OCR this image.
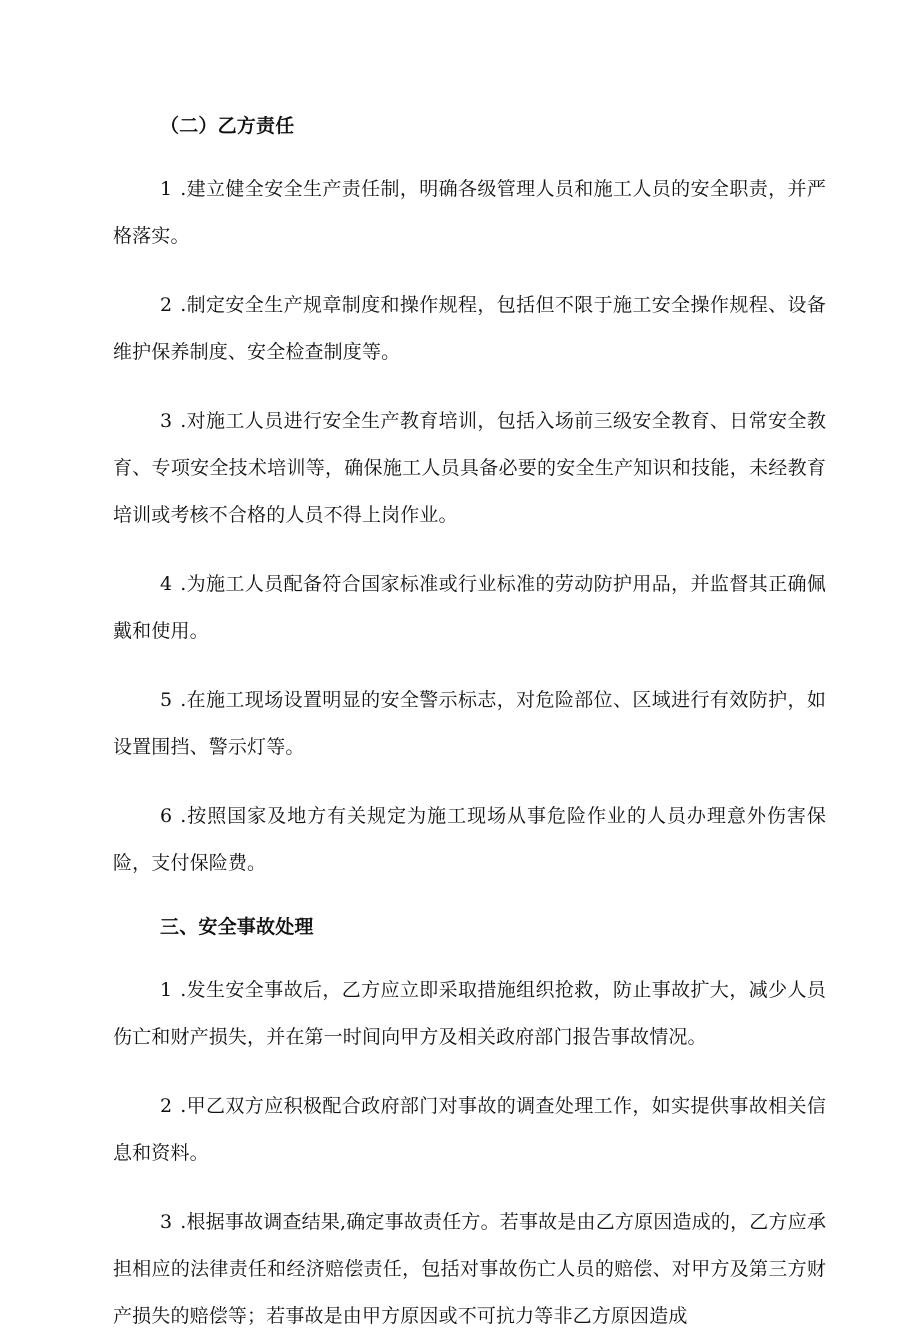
（二）乙方责任

1 .建立健全安全生产责任制，明确各级管理人员和施工人员的安全职责，并严格落实。

2 .制定安全生产规章制度和操作规程，包括但不限于施工安全操作规程、设备维护保养制度、安全检查制度等。

3 .对施工人员进行安全生产教育培训，包括入场前三级安全教育、日常安全教育、专项安全技术培训等，确保施工人员具备必要的安全生产知识和技能，未经教育培训或考核不合格的人员不得上岗作业。

4 .为施工人员配备符合国家标准或行业标准的劳动防护用品，并监督其正确佩戴和使用。

5 .在施工现场设置明显的安全警示标志，对危险部位、区域进行有效防护，如设置围挡、警示灯等。

6 .按照国家及地方有关规定为施工现场从事危险作业的人员办理意外伤害保险，支付保险费。

三、安全事故处理

1 .发生安全事故后，乙方应立即采取措施组织抢救，防止事故扩大，减少人员伤亡和财产损失，并在第一时间向甲方及相关政府部门报告事故情况。

2 .甲乙双方应积极配合政府部门对事故的调查处理工作，如实提供事故相关信息和资料。

3 .根据事故调查结果,确定事故责任方。若事故是由乙方原因造成的，乙方应承担相应的法律责任和经济赔偿责任，包括对事故伤亡人员的赔偿、对甲方及第三方财产损失的赔偿等；若事故是由甲方原因或不可抗力等非乙方原因造成
